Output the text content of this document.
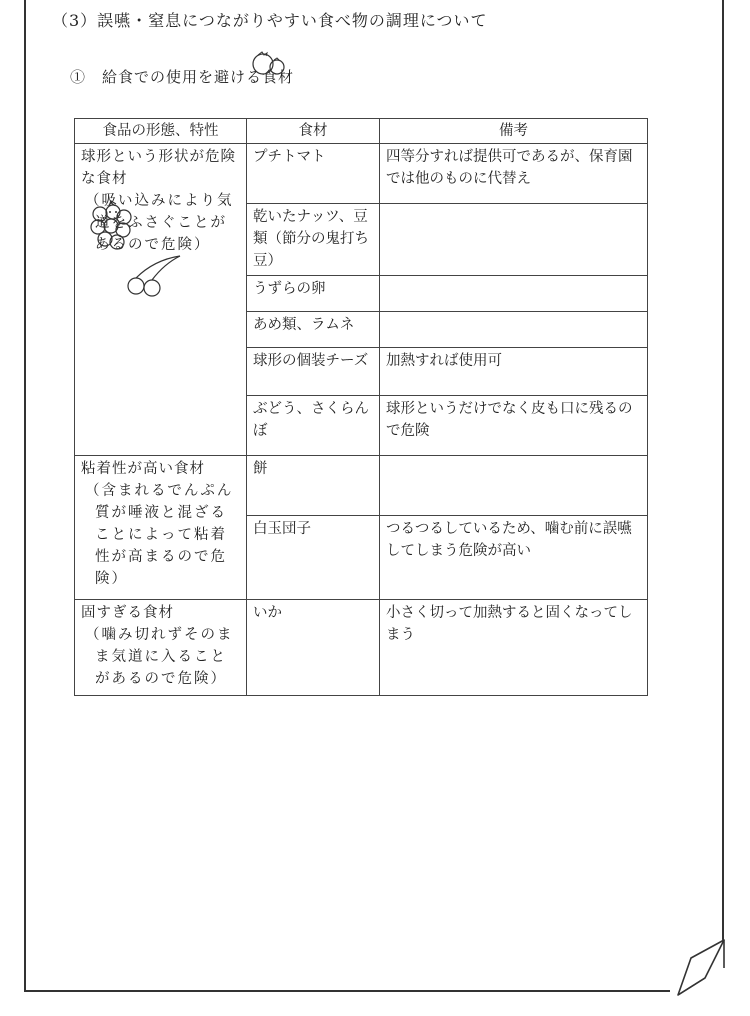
（3）誤嚥・窒息につながりやすい食べ物の調理について
①　給食での使用を避ける食材
食品の形態、特性	食材	備考

球形という形状が危険な食材
（吸い込みにより気道をふさぐことがあるので危険）	プチトマト	四等分すれば提供可であるが、保育園では他のものに代替え
	乾いたナッツ、豆類（節分の鬼打ち豆）	
	うずらの卵	
	あめ類、ラムネ	
	球形の個装チーズ	加熱すれば使用可
	ぶどう、さくらんぼ	球形というだけでなく皮も口に残るので危険

粘着性が高い食材
（含まれるでんぷん質が唾液と混ざることによって粘着性が高まるので危険）	餅	
	白玉団子	つるつるしているため、噛む前に誤嚥してしまう危険が高い

固すぎる食材
（噛み切れずそのまま気道に入ることがあるので危険）	いか	小さく切って加熱すると固くなってしまう
